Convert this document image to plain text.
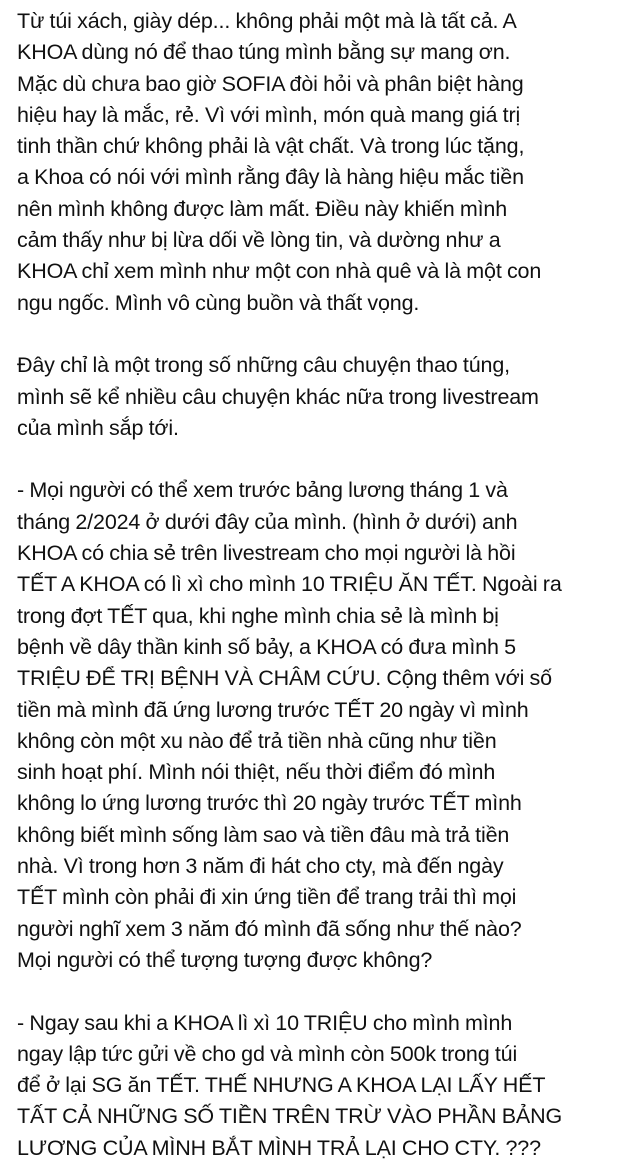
Từ túi xách, giày dép... không phải một mà là tất cả. A
KHOA dùng nó để thao túng mình bằng sự mang ơn.
Mặc dù chưa bao giờ SOFIA đòi hỏi và phân biệt hàng
hiệu hay là mắc, rẻ. Vì với mình, món quà mang giá trị
tinh thần chứ không phải là vật chất. Và trong lúc tặng,
a Khoa có nói với mình rằng đây là hàng hiệu mắc tiền
nên mình không được làm mất. Điều này khiến mình
cảm thấy như bị lừa dối về lòng tin, và dường như a
KHOA chỉ xem mình như một con nhà quê và là một con
ngu ngốc. Mình vô cùng buồn và thất vọng.
Đây chỉ là một trong số những câu chuyện thao túng,
mình sẽ kể nhiều câu chuyện khác nữa trong livestream
của mình sắp tới.
- Mọi người có thể xem trước bảng lương tháng 1 và
tháng 2/2024 ở dưới đây của mình. (hình ở dưới) anh
KHOA có chia sẻ trên livestream cho mọi người là hồi
TẾT A KHOA có lì xì cho mình 10 TRIỆU ĂN TẾT. Ngoài ra
trong đợt TẾT qua, khi nghe mình chia sẻ là mình bị
bệnh về dây thần kinh số bảy, a KHOA có đưa mình 5
TRIỆU ĐỂ TRỊ BỆNH VÀ CHÂM CỨU. Cộng thêm với số
tiền mà mình đã ứng lương trước TẾT 20 ngày vì mình
không còn một xu nào để trả tiền nhà cũng như tiền
sinh hoạt phí. Mình nói thiệt, nếu thời điểm đó mình
không lo ứng lương trước thì 20 ngày trước TẾT mình
không biết mình sống làm sao và tiền đâu mà trả tiền
nhà. Vì trong hơn 3 năm đi hát cho cty, mà đến ngày
TẾT mình còn phải đi xin ứng tiền để trang trải thì mọi
người nghĩ xem 3 năm đó mình đã sống như thế nào?
Mọi người có thể tượng tượng được không?
- Ngay sau khi a KHOA lì xì 10 TRIỆU cho mình mình
ngay lập tức gửi về cho gd và mình còn 500k trong túi
để ở lại SG ăn TẾT. THẾ NHƯNG A KHOA LẠI LẤY HẾT
TẤT CẢ NHỮNG SỐ TIỀN TRÊN TRỪ VÀO PHẦN BẢNG
LƯƠNG CỦA MÌNH BẮT MÌNH TRẢ LẠI CHO CTY. ???
